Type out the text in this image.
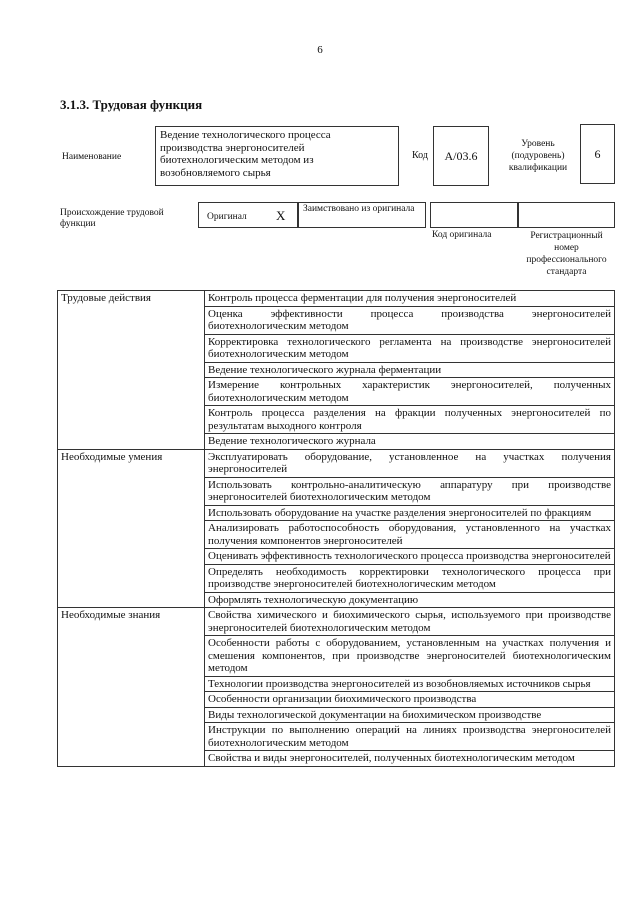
6
3.1.3. Трудовая функция
Наименование
Ведение технологического процесса производства энергоносителей биотехнологическим методом из возобновляемого сырья
Код	A/03.6
Уровень (подуровень) квалификации
6
Происхождение трудовой функции
Оригинал X	Заимствовано из оригинала
Код оригинала	Регистрационный номер профессионального стандарта
Трудовые действия	Контроль процесса ферментации для получения энергоносителей
	Оценка эффективности процесса производства энергоносителей биотехнологическим методом
	Корректировка технологического регламента на производстве энергоносителей биотехнологическим методом
	Ведение технологического журнала ферментации
	Измерение контрольных характеристик энергоносителей, полученных биотехнологическим методом
	Контроль процесса разделения на фракции полученных энергоносителей по результатам выходного контроля
	Ведение технологического журнала
Необходимые умения	Эксплуатировать оборудование, установленное на участках получения энергоносителей
	Использовать контрольно-аналитическую аппаратуру при производстве энергоносителей биотехнологическим методом
	Использовать оборудование на участке разделения энергоносителей по фракциям
	Анализировать работоспособность оборудования, установленного на участках получения компонентов энергоносителей
	Оценивать эффективность технологического процесса производства энергоносителей
	Определять необходимость корректировки технологического процесса при производстве энергоносителей биотехнологическим методом
	Оформлять технологическую документацию
Необходимые знания	Свойства химического и биохимического сырья, используемого при производстве энергоносителей биотехнологическим методом
	Особенности работы с оборудованием, установленным на участках получения и смешения компонентов, при производстве энергоносителей биотехнологическим методом
	Технологии производства энергоносителей из возобновляемых источников сырья
	Особенности организации биохимического производства
	Виды технологической документации на биохимическом производстве
	Инструкции по выполнению операций на линиях производства энергоносителей биотехнологическим методом
	Свойства и виды энергоносителей, полученных биотехнологическим методом
